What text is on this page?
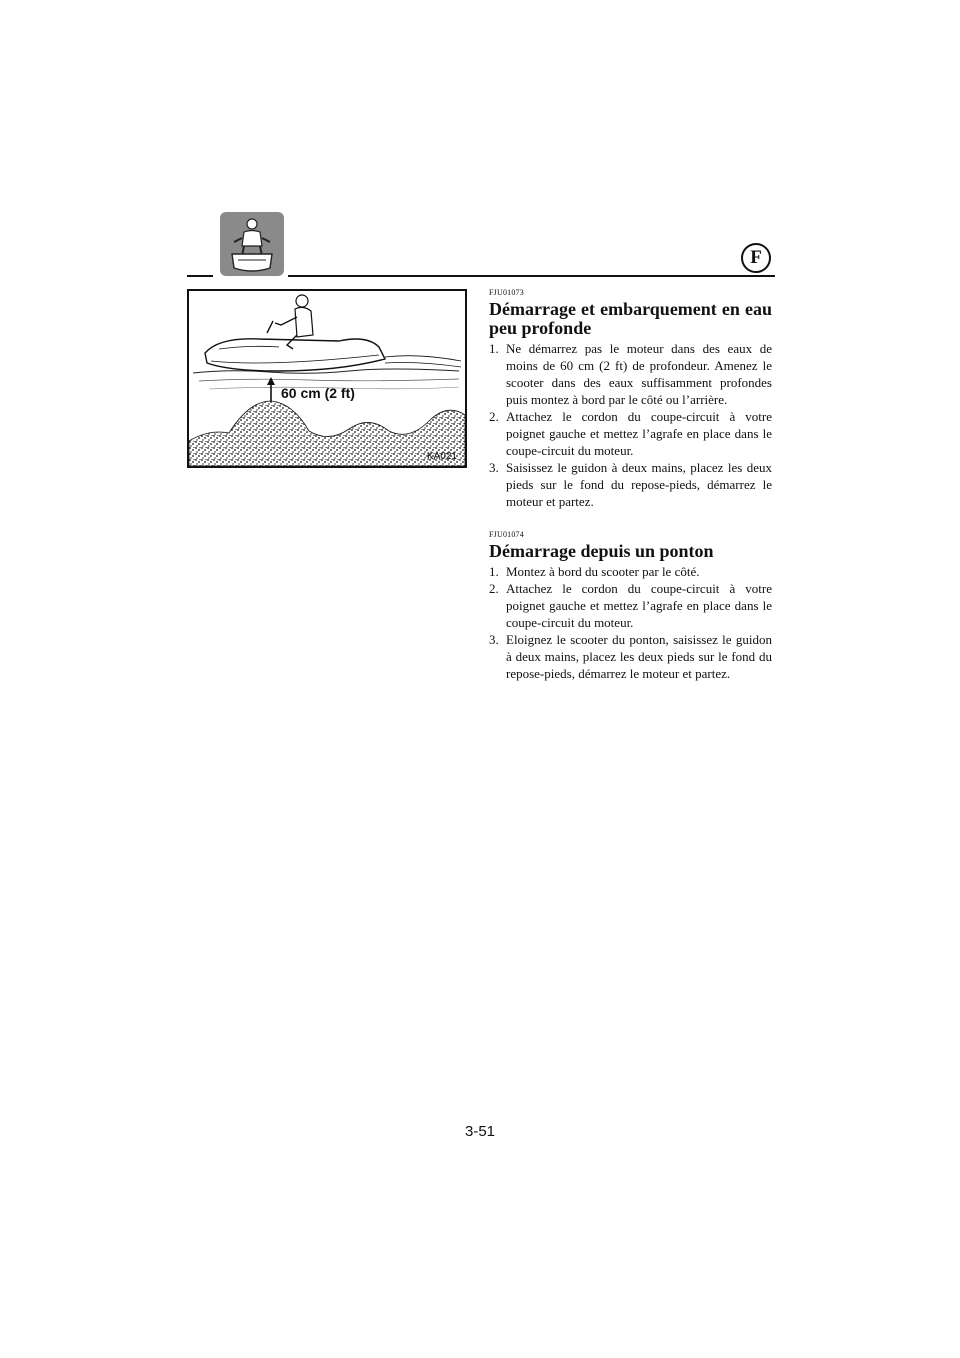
F
60 cm (2 ft)
KA021

FJU01073

Démarrage et embarquement en eau peu profonde
1. Ne démarrez pas le moteur dans des eaux de moins de 60 cm (2 ft) de profondeur. Amenez le scooter dans des eaux suffisamment profondes puis montez à bord par le côté ou l’arrière.
2. Attachez le cordon du coupe-circuit à votre poignet gauche et mettez l’agrafe en place dans le coupe-circuit du moteur.
3. Saisissez le guidon à deux mains, placez les deux pieds sur le fond du repose-pieds, démarrez le moteur et partez.

FJU01074

Démarrage depuis un ponton
1. Montez à bord du scooter par le côté.
2. Attachez le cordon du coupe-circuit à votre poignet gauche et mettez l’agrafe en place dans le coupe-circuit du moteur.
3. Eloignez le scooter du ponton, saisissez le guidon à deux mains, placez les deux pieds sur le fond du repose-pieds, démarrez le moteur et partez.
3-51
